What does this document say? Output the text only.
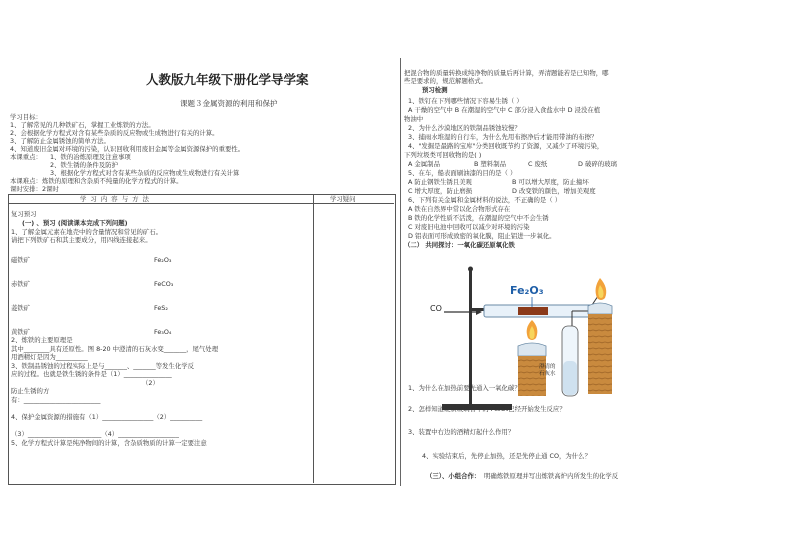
人教版九年级下册化学导学案
课题３金属资源的利用和保护
学习目标：
1、了解常见的几种铁矿石，掌握工业炼铁的方法。
2、会根据化学方程式对含有某些杂质的反应物或生成物进行有关的计算。
3、了解防止金属锈蚀的简单方法。
4、知道废旧金属对环境的污染，认识回收利用废旧金属等金属资源保护的重要性。
本课重点： 1、铁的冶炼原理及注意事项
2、铁生锈的条件及防护
3、根据化学方程式对含有某些杂质的反应物或生成物进行有关计算
本课难点：炼铁的原理和含杂质不纯量的化学方程式的计算。
课时安排：2课时
学 习 内 容 与 方 法	学习疑问
复习预习
(一) 、预习 (阅读课本完成下列问题)
1、了解金属元素在地壳中的含量情况和常见的矿石。
请把下列铁矿石和其主要成分，用四线连接起来。
磁铁矿	Fe₂O₃
赤铁矿	FeCO₃
菱铁矿	FeS₂
黄铁矿	Fe₃O₄
2、炼铁的主要原理是
其中________具有还原性。图 8-20 中澄清的石灰水变_______，尾气处理
用酒精灯是因为__________
3、铁制品锈蚀的过程实际上是与_______、_______等发生化学反
应的过程。也就是铁生锈的条件是（1）_______________
（2）
防止生锈的方
有：________________________
4、保护金属资源的措施有（1）________________（2）__________
（3）_______________________（4）___________________
5、化学方程式计算是纯净物间的计算，含杂质物质的计算一定要注意
把混合物的质量转换成纯净物的质量后再计算，弄清题能若是已知物，哪
些是要求的，规范解题格式。
预习检测
1、铁钉在下列哪些情况下容易生锈（ ）
A 干燥的空气中 B 在潮湿的空气中 C 部分浸入食盐水中 D 浸没在植
物油中
2、为什么沙漠地区的铁制品锈蚀较慢？
3、捕雨水堆湿的自行车，为什么先用布擦净后才能用带油的布擦？
4、"发掘是最路的宝库"分类回收既节约了资源，又减少了环境污染，
下列垃圾类可回收物的是( )
A 金属制品	B 塑料制品	C 废纸	D 破碎的玻璃
5、在车，船表面刷油漆的目的是（ ）
A 防止钢铁生锈且美观	B 可以增大厚度，防止撞坏
C 增大厚度，防止磨损	D 改变铁的颜色，增加美观度
6、下列有关金属和金属材料的说法，不正确的是（ ）
A 铁在自然界中常以化合物形式存在
B 铁的化学性质不活泼，在潮湿的空气中不会生锈
C 对废旧电池中回收可以减少对环境的污染
D 铝表面可形成致密的氧化膜，阻止铝进一步氧化。
（二） 共同探讨：一氧化碳还原氧化铁
CO
Fe₂O₃
澄清的
石灰水
1、为什么在加热前要先通入一氧化碳？
2、怎样知道硬质玻璃管中的 Fe₂O₃已经开始发生反应？
3、装置中右边的酒精灯起什么作用？
4、实验结束后，先停止加热，还是先停止通 CO，为什么？
（三）、小组合作： 明确炼铁原理并写出炼铁高炉内所发生的化学反
